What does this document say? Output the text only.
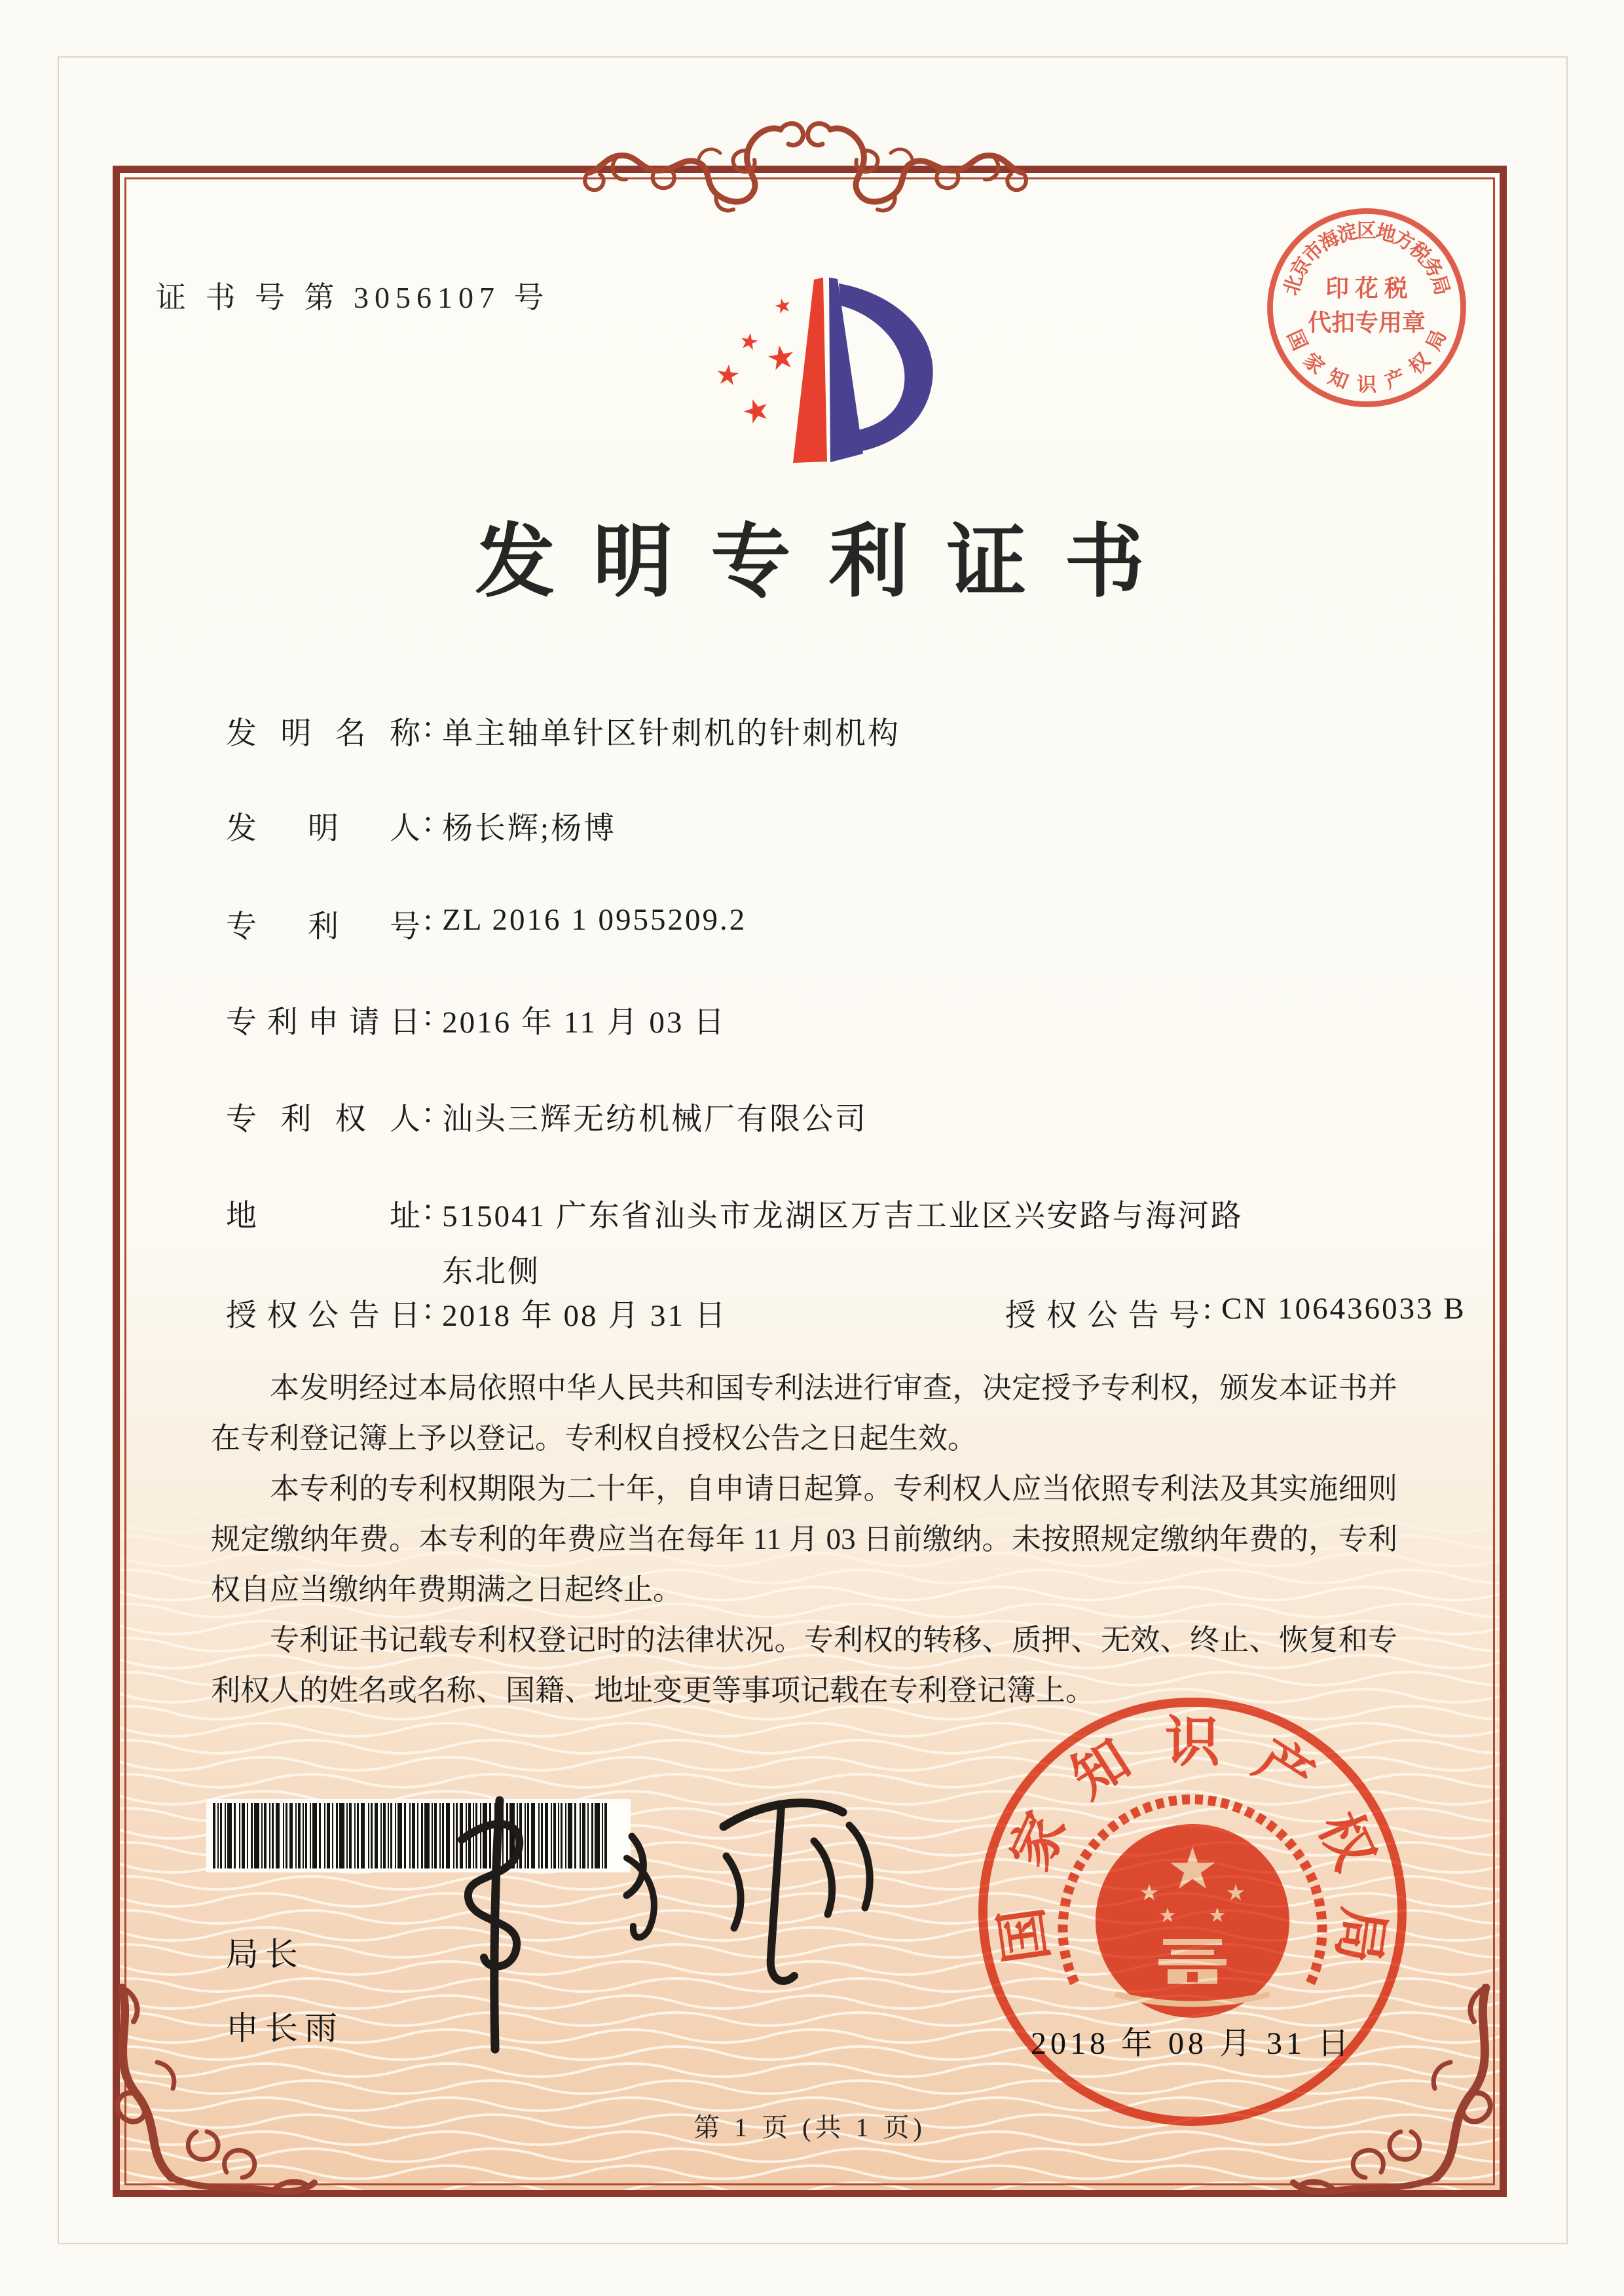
证 书 号 第 3056107 号	★
★ ★
★
★
发明专利证书
发明名称: 单主轴单针区针刺机的针刺机构
发明人: 杨长辉;杨博
专利号: ZL 2016 1 0955209.2
专利申请日: 2016 年 11 月 03 日
专利权人: 汕头三辉无纺机械厂有限公司
地址: 515041 广东省汕头市龙湖区万吉工业区兴安路与海河路
东北侧
授权公告日: 2018 年 08 月 31 日	授权公告号: CN 106436033 B

本发明经过本局依照中华人民共和国专利法进行审查，决定授予专利权，颁发本证书并在专利登记簿上予以登记。专利权自授权公告之日起生效。

本专利的专利权期限为二十年，自申请日起算。专利权人应当依照专利法及其实施细则规定缴纳年费。本专利的年费应当在每年 11 月 03 日前缴纳。未按照规定缴纳年费的，专利权自应当缴纳年费期满之日起终止。

专利证书记载专利权登记时的法律状况。专利权的转移、质押、无效、终止、恢复和专利权人的姓名或名称、国籍、地址变更等事项记载在专利登记簿上。

局长
申长雨
国
家
知 识 产
权
局
★
★	★
★ ★
2018 年 08 月 31 日
北
京
市
海
淀
区
地
方
税
务
局
国
家
知 识 产
权
局
印 花 税
代扣专用章
第 1 页 (共 1 页)
